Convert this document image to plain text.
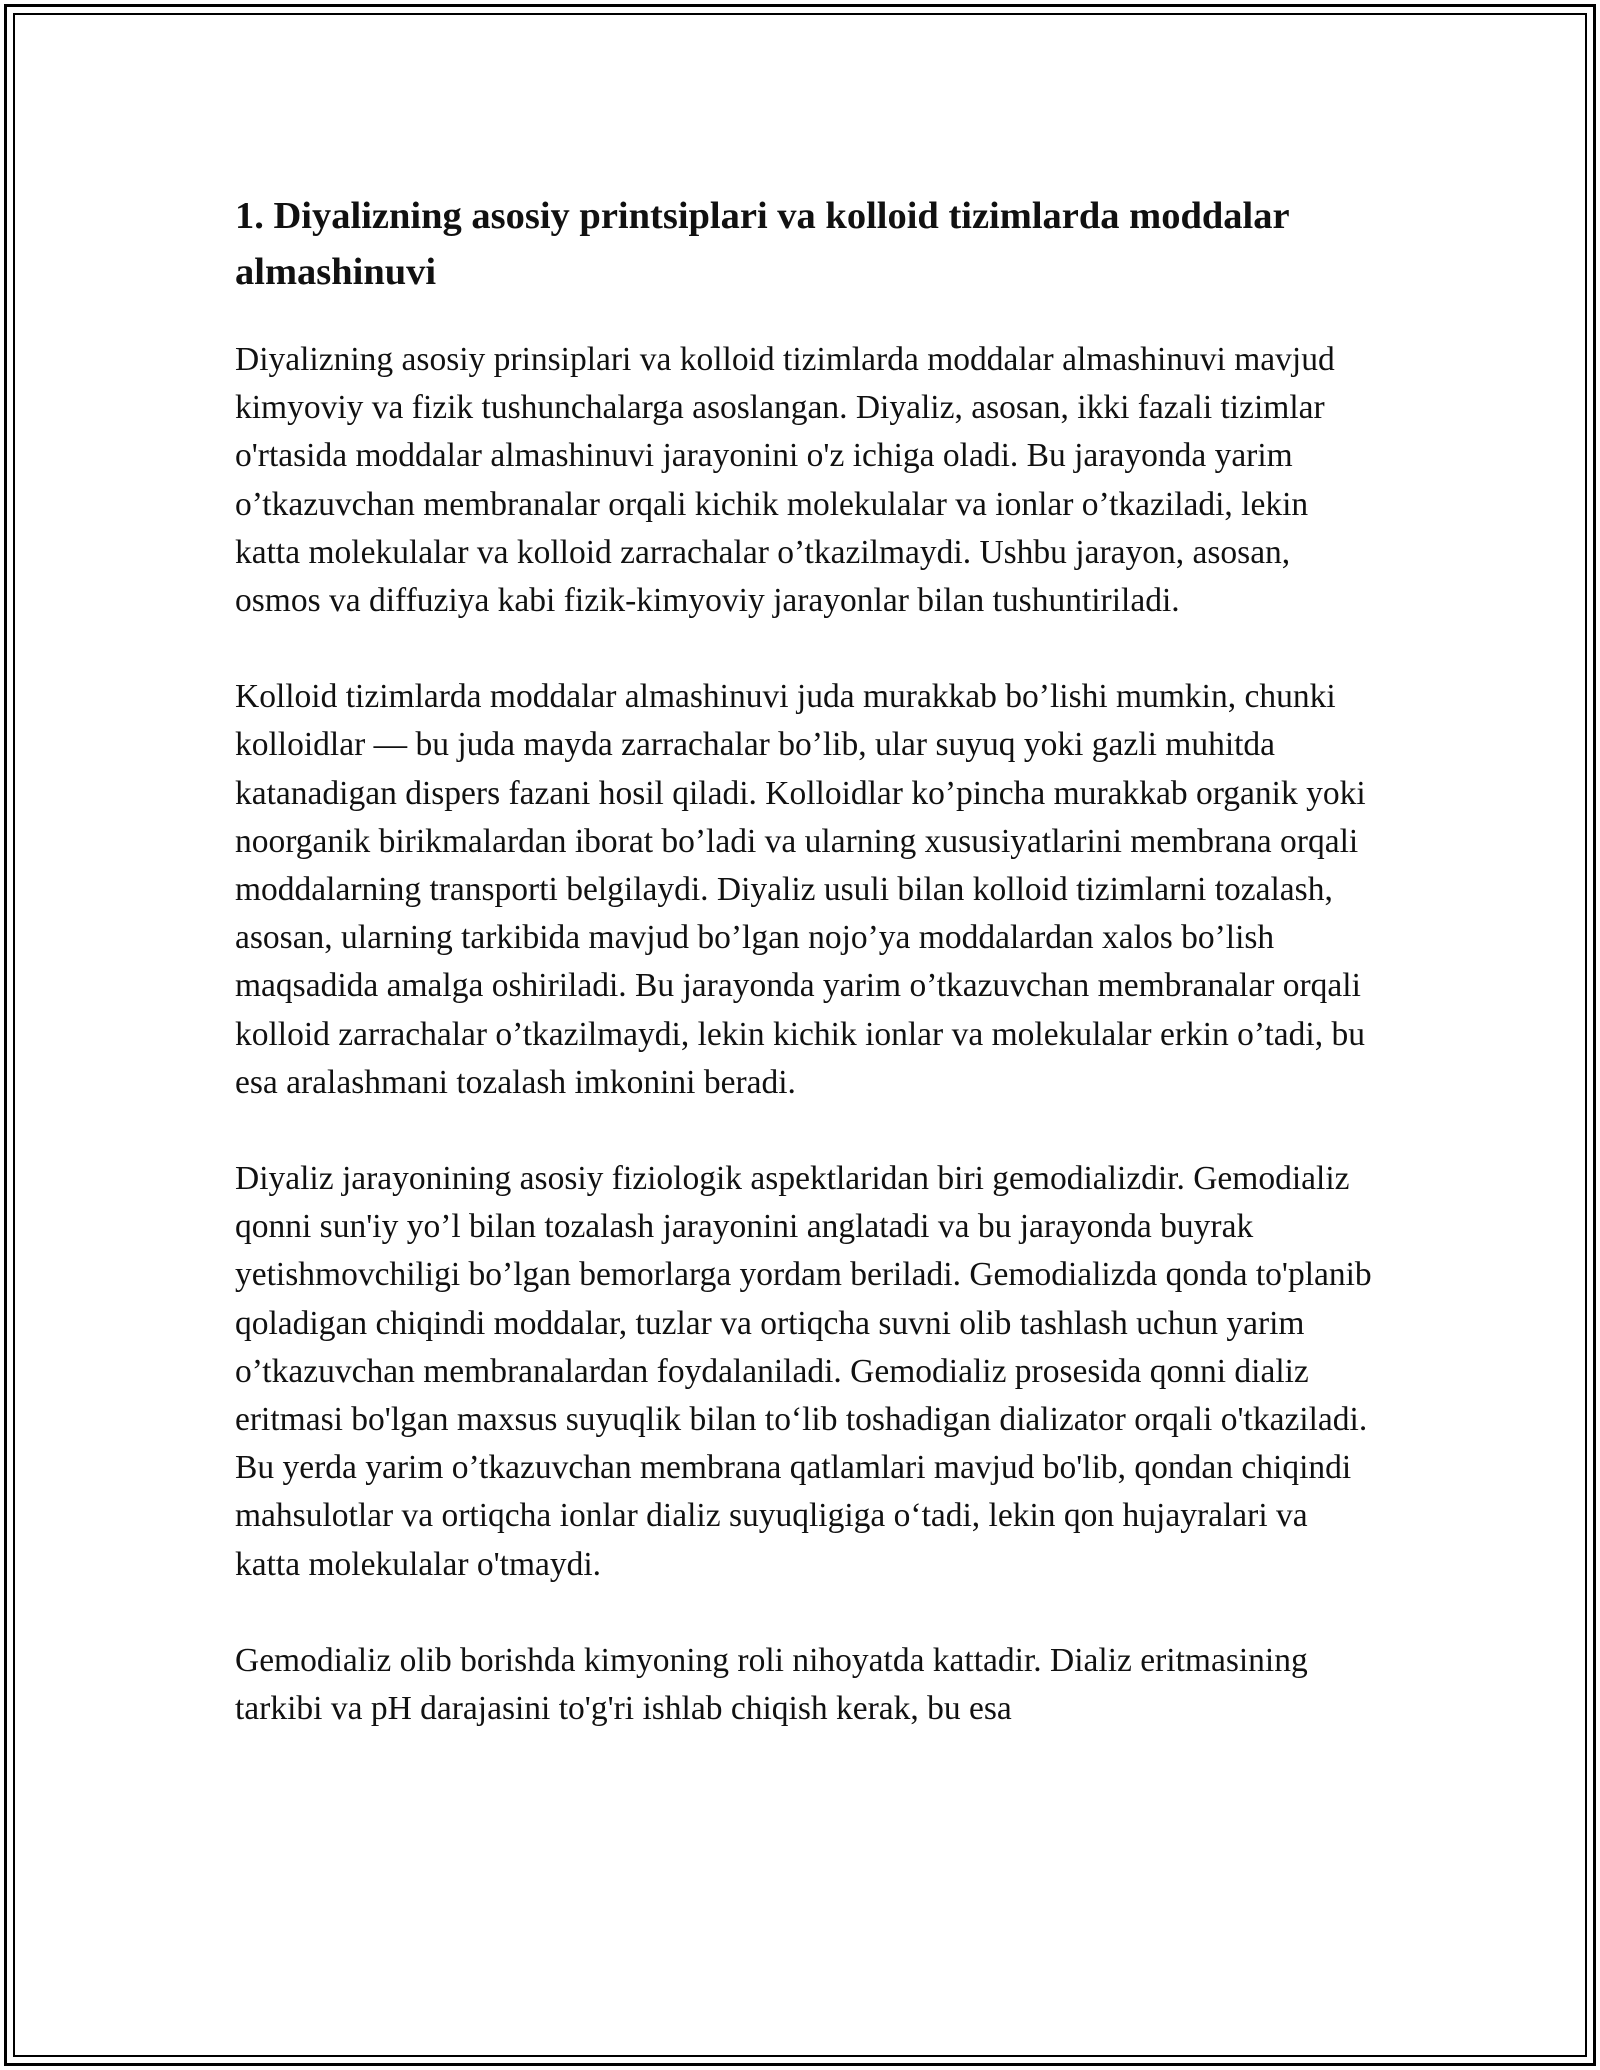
1. Diyalizning asosiy printsiplari va kolloid tizimlarda moddalar almashinuvi

Diyalizning asosiy prinsiplari va kolloid tizimlarda moddalar almashinuvi mavjud kimyoviy va fizik tushunchalarga asoslangan. Diyaliz, asosan, ikki fazali tizimlar o'rtasida moddalar almashinuvi jarayonini o'z ichiga oladi. Bu jarayonda yarim o’tkazuvchan membranalar orqali kichik molekulalar va ionlar o’tkaziladi, lekin katta molekulalar va kolloid zarrachalar o’tkazilmaydi. Ushbu jarayon, asosan, osmos va diffuziya kabi fizik-kimyoviy jarayonlar bilan tushuntiriladi.

Kolloid tizimlarda moddalar almashinuvi juda murakkab bo’lishi mumkin, chunki kolloidlar — bu juda mayda zarrachalar bo’lib, ular suyuq yoki gazli muhitda katanadigan dispers fazani hosil qiladi. Kolloidlar ko’pincha murakkab organik yoki noorganik birikmalardan iborat bo’ladi va ularning xususiyatlarini membrana orqali moddalarning transporti belgilaydi. Diyaliz usuli bilan kolloid tizimlarni tozalash, asosan, ularning tarkibida mavjud bo’lgan nojo’ya moddalardan xalos bo’lish maqsadida amalga oshiriladi. Bu jarayonda yarim o’tkazuvchan membranalar orqali kolloid zarrachalar o’tkazilmaydi, lekin kichik ionlar va molekulalar erkin o’tadi, bu esa aralashmani tozalash imkonini beradi.

Diyaliz jarayonining asosiy fiziologik aspektlaridan biri gemodializdir. Gemodializ qonni sun'iy yo’l bilan tozalash jarayonini anglatadi va bu jarayonda buyrak yetishmovchiligi bo’lgan bemorlarga yordam beriladi. Gemodializda qonda to'planib qoladigan chiqindi moddalar, tuzlar va ortiqcha suvni olib tashlash uchun yarim o’tkazuvchan membranalardan foydalaniladi. Gemodializ prosesida qonni dializ eritmasi bo'lgan maxsus suyuqlik bilan to‘lib toshadigan dializator orqali o'tkaziladi. Bu yerda yarim o’tkazuvchan membrana qatlamlari mavjud bo'lib, qondan chiqindi mahsulotlar va ortiqcha ionlar dializ suyuqligiga o‘tadi, lekin qon hujayralari va katta molekulalar o'tmaydi.

Gemodializ olib borishda kimyoning roli nihoyatda kattadir. Dializ eritmasining tarkibi va pH darajasini to'g'ri ishlab chiqish kerak, bu esa
